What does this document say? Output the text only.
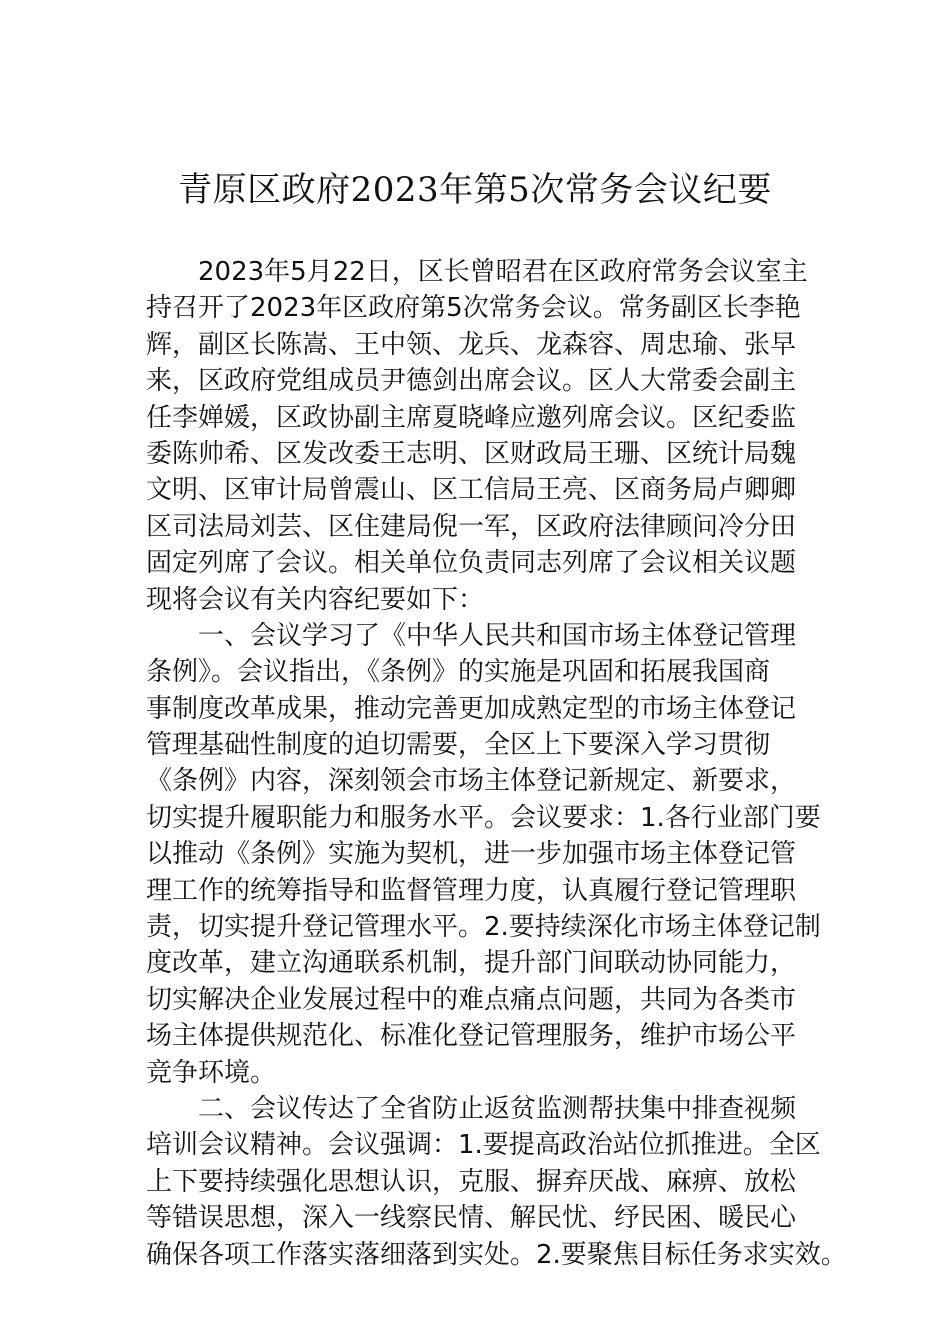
青原区政府2023年第5次常务会议纪要
2023年5月22日，区长曾昭君在区政府常务会议室主
持召开了2023年区政府第5次常务会议。常务副区长李艳
辉，副区长陈嵩、王中领、龙兵、龙森容、周忠瑜、张早
来，区政府党组成员尹德剑出席会议。区人大常委会副主
任李婵媛，区政协副主席夏晓峰应邀列席会议。区纪委监
委陈帅希、区发改委王志明、区财政局王珊、区统计局魏
文明、区审计局曾震山、区工信局王亮、区商务局卢卿卿
区司法局刘芸、区住建局倪一军，区政府法律顾问冷分田
固定列席了会议。相关单位负责同志列席了会议相关议题
现将会议有关内容纪要如下：
一、会议学习了《中华人民共和国市场主体登记管理
条例》。会议指出，《条例》的实施是巩固和拓展我国商
事制度改革成果，推动完善更加成熟定型的市场主体登记
管理基础性制度的迫切需要，全区上下要深入学习贯彻
《条例》内容，深刻领会市场主体登记新规定、新要求，
切实提升履职能力和服务水平。会议要求：1.各行业部门要
以推动《条例》实施为契机，进一步加强市场主体登记管
理工作的统筹指导和监督管理力度，认真履行登记管理职
责，切实提升登记管理水平。2.要持续深化市场主体登记制
度改革，建立沟通联系机制，提升部门间联动协同能力，
切实解决企业发展过程中的难点痛点问题，共同为各类市
场主体提供规范化、标准化登记管理服务，维护市场公平
竞争环境。
二、会议传达了全省防止返贫监测帮扶集中排查视频
培训会议精神。会议强调：1.要提高政治站位抓推进。全区
上下要持续强化思想认识，克服、摒弃厌战、麻痹、放松
等错误思想，深入一线察民情、解民忧、纾民困、暖民心
确保各项工作落实落细落到实处。2.要聚焦目标任务求实效。
